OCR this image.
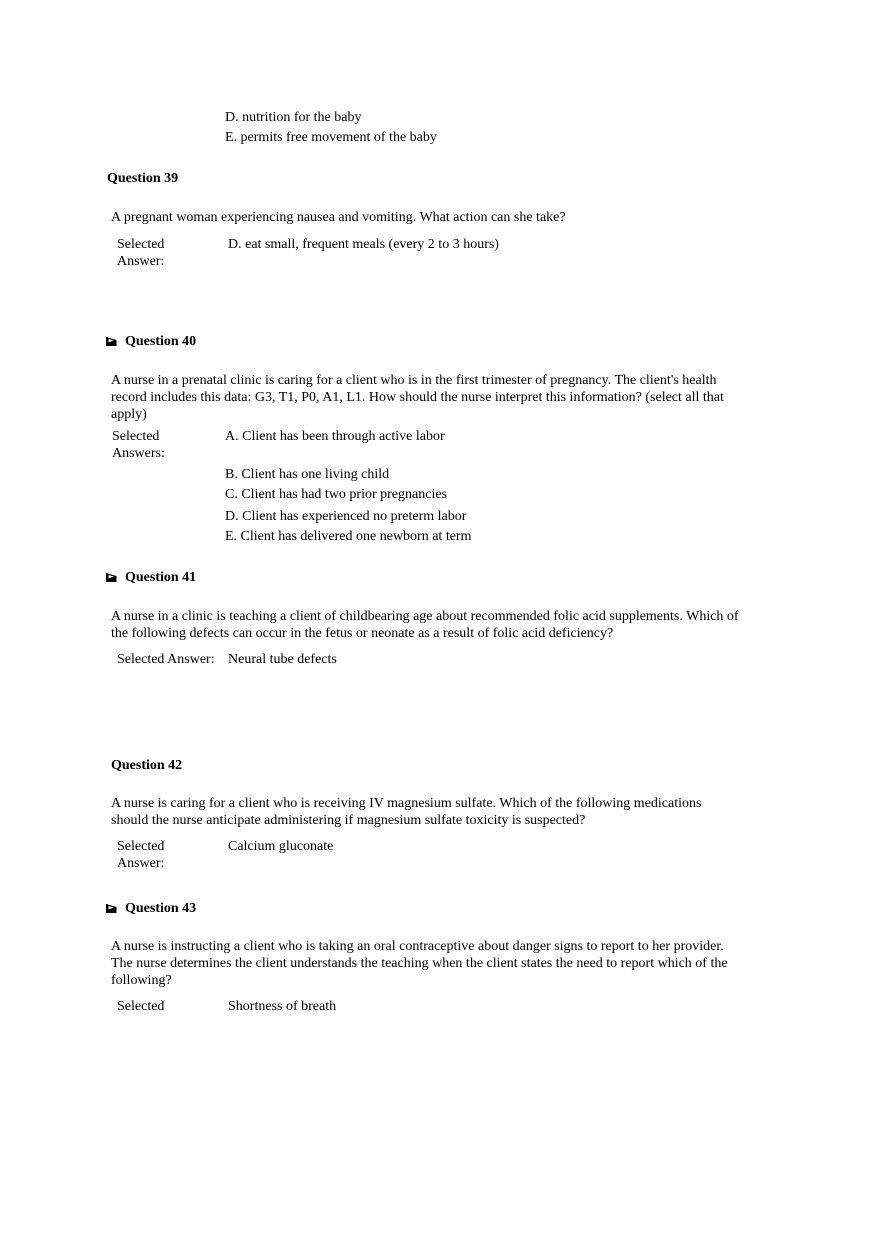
D. nutrition for the baby
E. permits free movement of the baby
Question 39
A pregnant woman experiencing nausea and vomiting. What action can she take?
Selected
Answer:
D. eat small, frequent meals (every 2 to 3 hours)
Question 40
A nurse in a prenatal clinic is caring for a client who is in the first trimester of pregnancy. The client's health
record includes this data: G3, T1, P0, A1, L1. How should the nurse interpret this information? (select all that
apply)
Selected
Answers:
A. Client has been through active labor
B. Client has one living child
C. Client has had two prior pregnancies
D. Client has experienced no preterm labor
E. Client has delivered one newborn at term
Question 41
A nurse in a clinic is teaching a client of childbearing age about recommended folic acid supplements. Which of
the following defects can occur in the fetus or neonate as a result of folic acid deficiency?
Selected Answer: Neural tube defects
Question 42
A nurse is caring for a client who is receiving IV magnesium sulfate. Which of the following medications
should the nurse anticipate administering if magnesium sulfate toxicity is suspected?
Selected
Answer:
Calcium gluconate
Question 43
A nurse is instructing a client who is taking an oral contraceptive about danger signs to report to her provider.
The nurse determines the client understands the teaching when the client states the need to report which of the
following?
Selected	Shortness of breath
